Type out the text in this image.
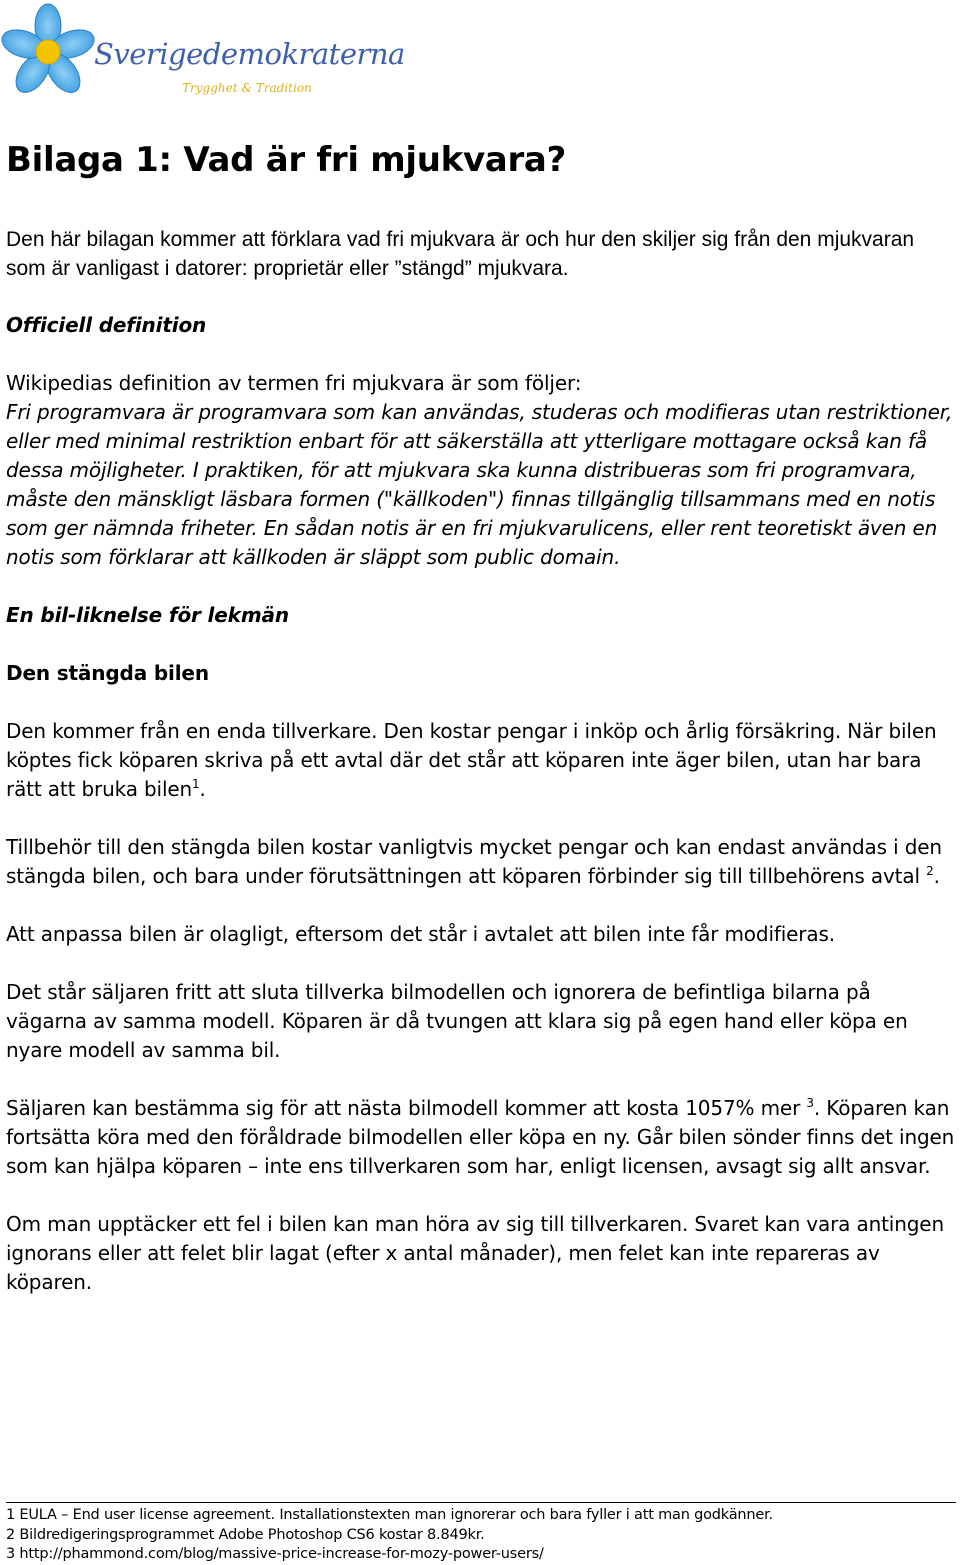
Sverigedemokraterna
Trygghet & Tradition
Bilaga 1: Vad är fri mjukvara?

Den här bilagan kommer att förklara vad fri mjukvara är och hur den skiljer sig från den mjukvaran som är vanligast i datorer: proprietär eller ”stängd” mjukvara.

Officiell definition

Wikipedias definition av termen fri mjukvara är som följer:

Fri programvara är programvara som kan användas, studeras och modifieras utan restriktioner, eller med minimal restriktion enbart för att säkerställa att ytterligare mottagare också kan få dessa möjligheter. I praktiken, för att mjukvara ska kunna distribueras som fri programvara, måste den mänskligt läsbara formen ("källkoden") finnas tillgänglig tillsammans med en notis som ger nämnda friheter. En sådan notis är en fri mjukvarulicens, eller rent teoretiskt även en notis som förklarar att källkoden är släppt som public domain.

En bil-liknelse för lekmän
Den stängda bilen

Den kommer från en enda tillverkare. Den kostar pengar i inköp och årlig försäkring. När bilen köptes fick köparen skriva på ett avtal där det står att köparen inte äger bilen, utan har bara rätt att bruka bilen$^1$.

Tillbehör till den stängda bilen kostar vanligtvis mycket pengar och kan endast användas i den stängda bilen, och bara under förutsättningen att köparen förbinder sig till tillbehörens avtal $^2$.

Att anpassa bilen är olagligt, eftersom det står i avtalet att bilen inte får modifieras.

Det står säljaren fritt att sluta tillverka bilmodellen och ignorera de befintliga bilarna på vägarna av samma modell. Köparen är då tvungen att klara sig på egen hand eller köpa en nyare modell av samma bil.

Säljaren kan bestämma sig för att nästa bilmodell kommer att kosta 1057% mer $^3$. Köparen kan fortsätta köra med den föråldrade bilmodellen eller köpa en ny. Går bilen sönder finns det ingen som kan hjälpa köparen – inte ens tillverkaren som har, enligt licensen, avsagt sig allt ansvar.

Om man upptäcker ett fel i bilen kan man höra av sig till tillverkaren. Svaret kan vara antingen ignorans eller att felet blir lagat (efter x antal månader), men felet kan inte repareras av köparen.

1 EULA – End user license agreement. Installationstexten man ignorerar och bara fyller i att man godkänner.
2 Bildredigeringsprogrammet Adobe Photoshop CS6 kostar 8.849kr.
3 http://phammond.com/blog/massive-price-increase-for-mozy-power-users/
